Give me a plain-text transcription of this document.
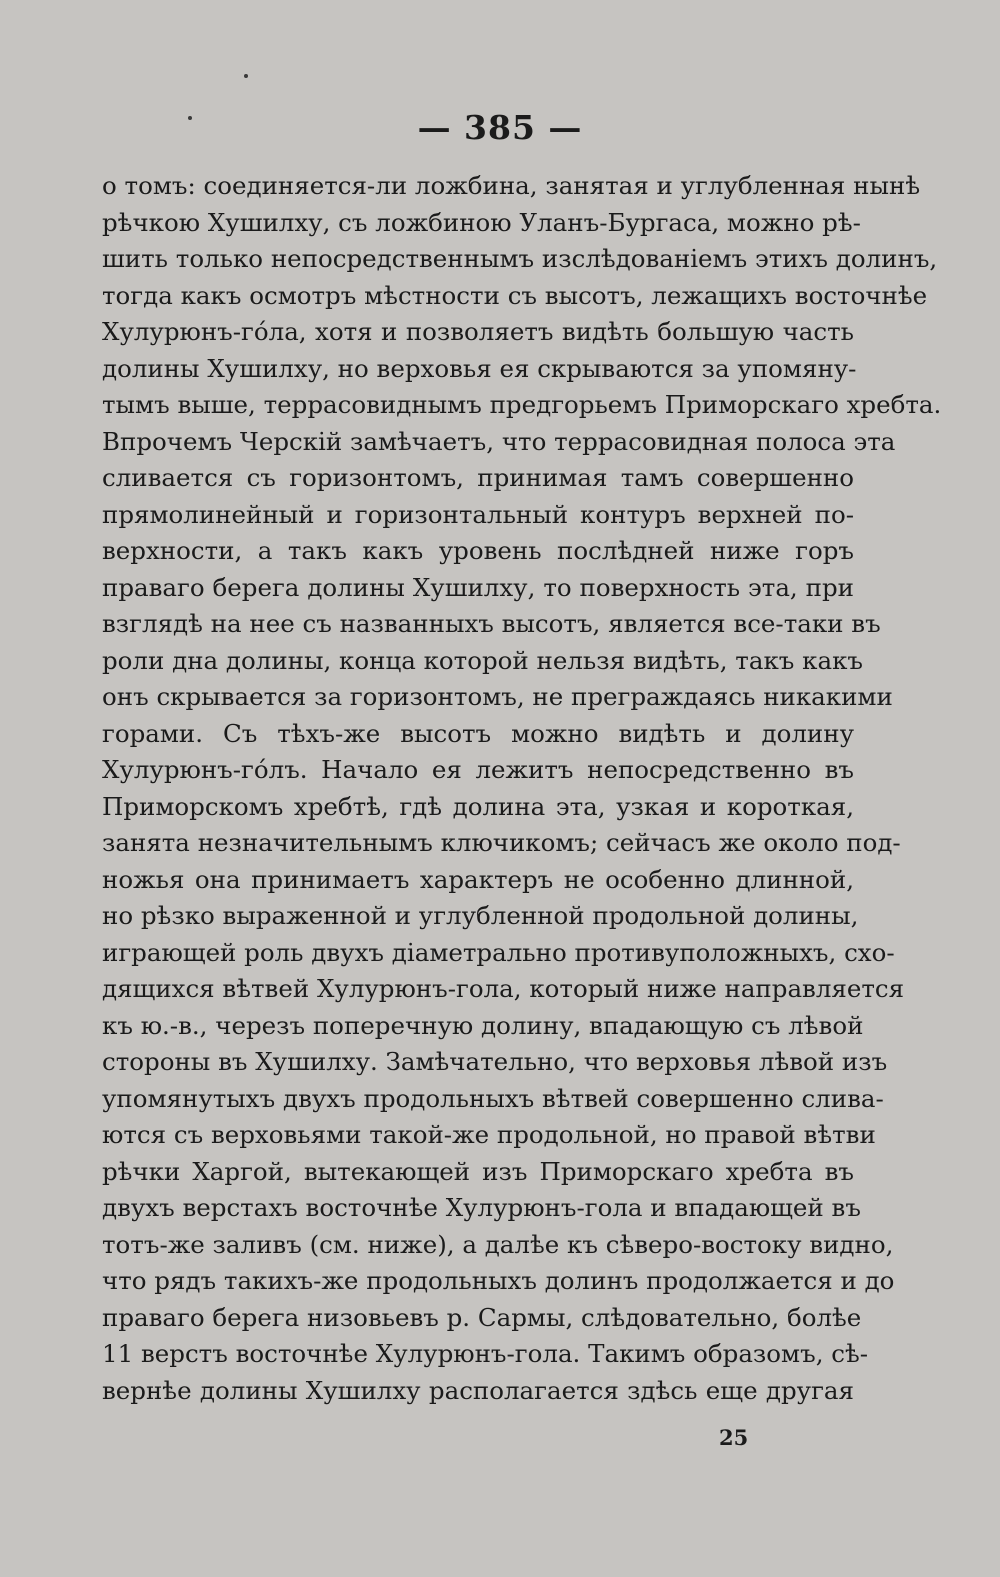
— 385 —
о томъ: соединяется-ли ложбина, занятая и углубленная нынѣ
рѣчкою Хушилху, съ ложбиною Уланъ-Бургаса, можно рѣ-
шить только непосредственнымъ изслѣдованіемъ этихъ долинъ,
тогда какъ осмотръ мѣстности съ высотъ, лежащихъ восточнѣе
Хулурюнъ-гóла, хотя и позволяетъ видѣть большую часть
долины Хушилху, но верховья ея скрываются за упомяну-
тымъ выше, террасовиднымъ предгорьемъ Приморскаго хребта.
Впрочемъ Черскій замѣчаетъ, что террасовидная полоса эта
сливается съ горизонтомъ, принимая тамъ совершенно
прямолинейный и горизонтальный контуръ верхней по-
верхности, а такъ какъ уровень послѣдней ниже горъ
праваго берега долины Хушилху, то поверхность эта, при
взглядѣ на нее съ названныхъ высотъ, является все-таки въ
роли дна долины, конца которой нельзя видѣть, такъ какъ
онъ скрывается за горизонтомъ, не преграждаясь никакими
горами. Съ тѣхъ-же высотъ можно видѣть и долину
Хулурюнъ-гóлъ. Начало ея лежитъ непосредственно въ
Приморскомъ хребтѣ, гдѣ долина эта, узкая и короткая,
занята незначительнымъ ключикомъ; сейчасъ же около под-
ножья она принимаетъ характеръ не особенно длинной,
но рѣзко выраженной и углубленной продольной долины,
играющей роль двухъ діаметрально противуположныхъ, схо-
дящихся вѣтвей Хулурюнъ-гола, который ниже направляется
къ ю.-в., черезъ поперечную долину, впадающую съ лѣвой
стороны въ Хушилху. Замѣчательно, что верховья лѣвой изъ
упомянутыхъ двухъ продольныхъ вѣтвей совершенно слива-
ются съ верховьями такой-же продольной, но правой вѣтви
рѣчки Харгой, вытекающей изъ Приморскаго хребта въ
двухъ верстахъ восточнѣе Хулурюнъ-гола и впадающей въ
тотъ-же заливъ (см. ниже), а далѣе къ сѣверо-востоку видно,
что рядъ такихъ-же продольныхъ долинъ продолжается и до
праваго берега низовьевъ р. Сармы, слѣдовательно, болѣе
11 верстъ восточнѣе Хулурюнъ-гола. Такимъ образомъ, сѣ-
вернѣе долины Хушилху располагается здѣсь еще другая
25
